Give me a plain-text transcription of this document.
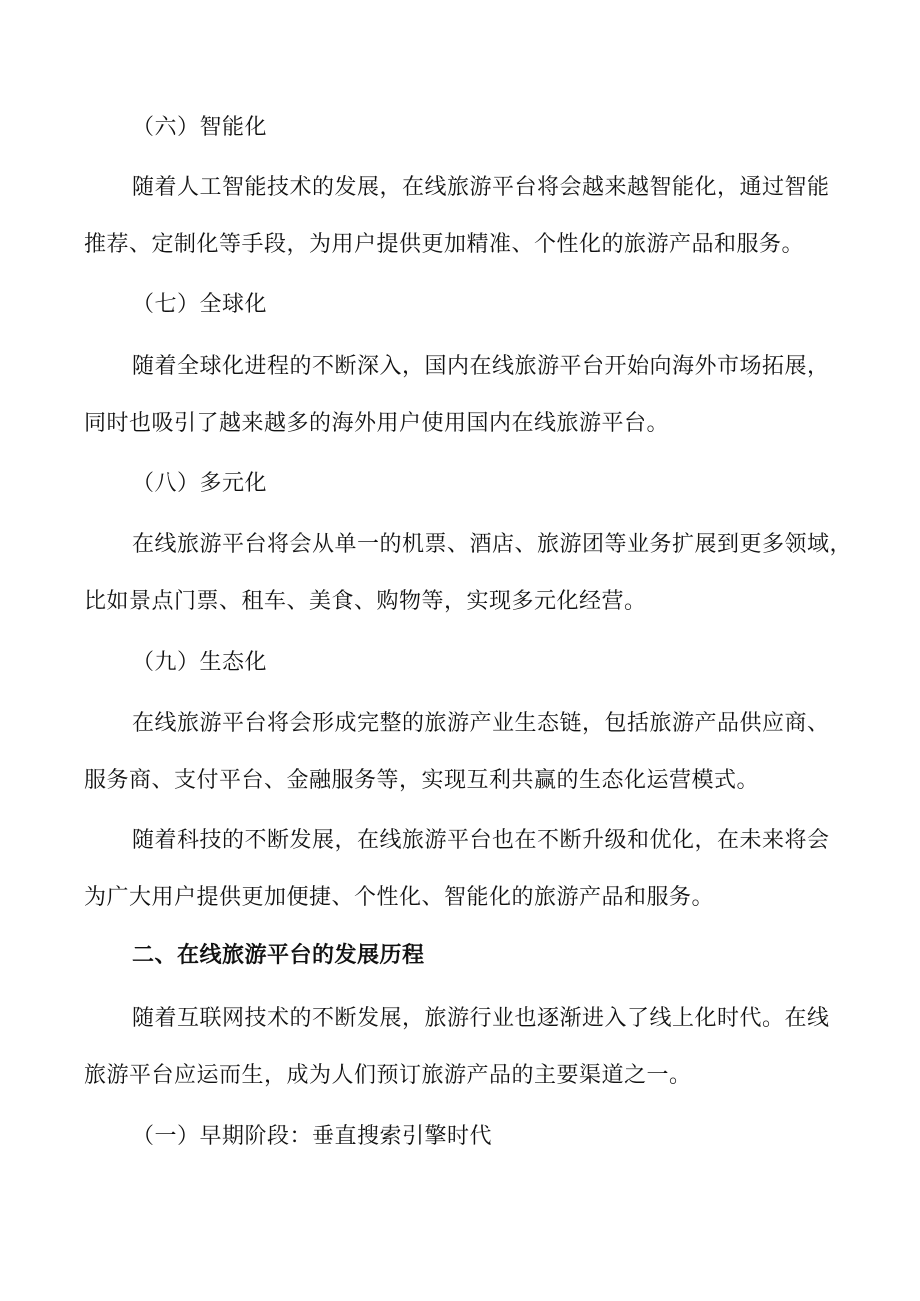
（六）智能化
随着人工智能技术的发展，在线旅游平台将会越来越智能化，通过智能
推荐、定制化等手段，为用户提供更加精准、个性化的旅游产品和服务。
（七）全球化
随着全球化进程的不断深入，国内在线旅游平台开始向海外市场拓展，
同时也吸引了越来越多的海外用户使用国内在线旅游平台。
（八）多元化
在线旅游平台将会从单一的机票、酒店、旅游团等业务扩展到更多领域，
比如景点门票、租车、美食、购物等，实现多元化经营。
（九）生态化
在线旅游平台将会形成完整的旅游产业生态链，包括旅游产品供应商、
服务商、支付平台、金融服务等，实现互利共赢的生态化运营模式。
随着科技的不断发展，在线旅游平台也在不断升级和优化，在未来将会
为广大用户提供更加便捷、个性化、智能化的旅游产品和服务。
二、在线旅游平台的发展历程
随着互联网技术的不断发展，旅游行业也逐渐进入了线上化时代。在线
旅游平台应运而生，成为人们预订旅游产品的主要渠道之一。
（一）早期阶段：垂直搜索引擎时代
